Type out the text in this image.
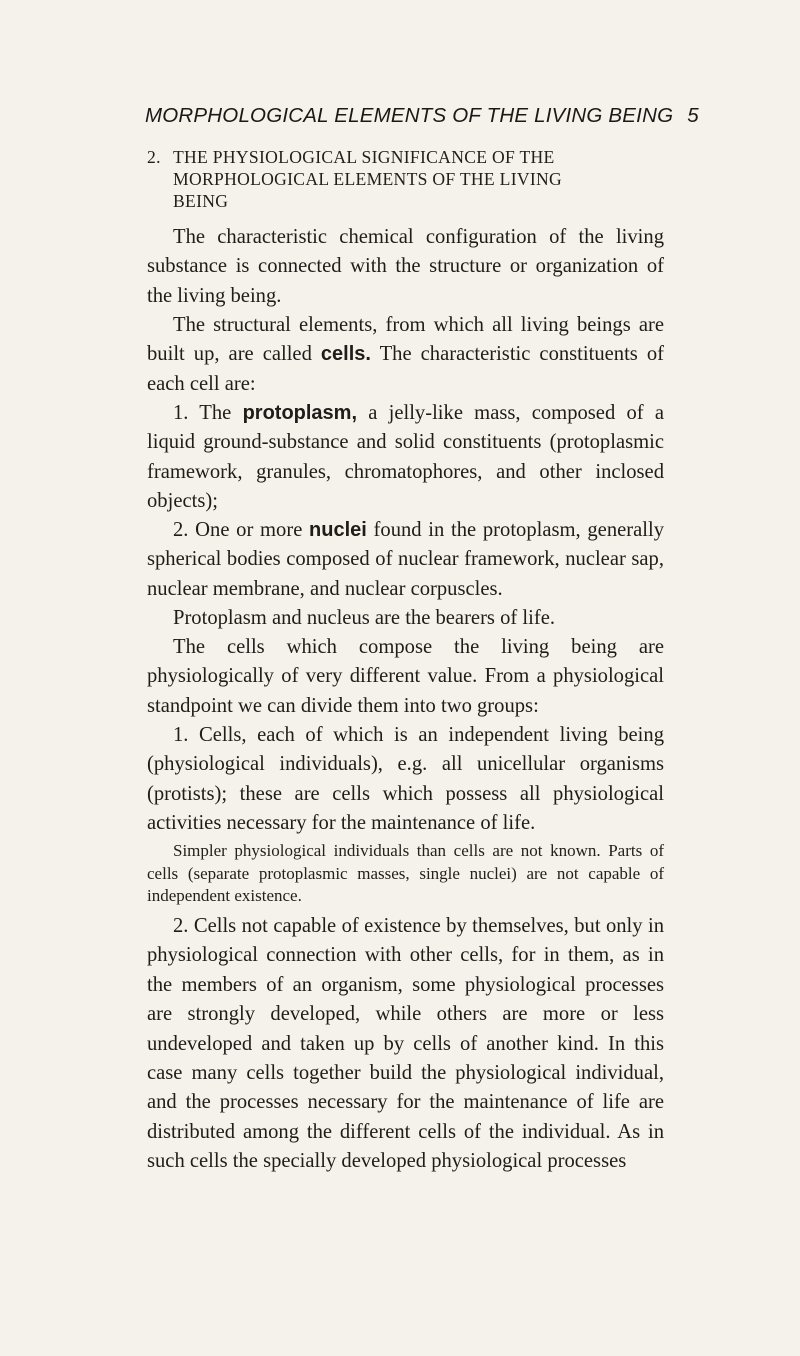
MORPHOLOGICAL ELEMENTS OF THE LIVING BEING 5
2. THE PHYSIOLOGICAL SIGNIFICANCE OF THE
MORPHOLOGICAL ELEMENTS OF THE LIVING
BEING

The characteristic chemical configuration of the living substance is connected with the structure or organization of the living being.

The structural elements, from which all living beings are built up, are called cells. The characteristic constituents of each cell are:

1. The protoplasm, a jelly-like mass, composed of a liquid ground-substance and solid constituents (protoplasmic framework, granules, chromatophores, and other inclosed objects);

2. One or more nuclei found in the protoplasm, generally spherical bodies composed of nuclear framework, nuclear sap, nuclear membrane, and nuclear corpuscles.

Protoplasm and nucleus are the bearers of life.

The cells which compose the living being are physiologically of very different value. From a physiological standpoint we can divide them into two groups:

1. Cells, each of which is an independent living being (physiological individuals), e.g. all unicellular organisms (protists); these are cells which possess all physiological activities necessary for the maintenance of life.

Simpler physiological individuals than cells are not known. Parts of cells (separate protoplasmic masses, single nuclei) are not capable of independent existence.

2. Cells not capable of existence by themselves, but only in physiological connection with other cells, for in them, as in the members of an organism, some physiological processes are strongly developed, while others are more or less undeveloped and taken up by cells of another kind. In this case many cells together build the physiological individual, and the processes necessary for the maintenance of life are distributed among the different cells of the individual. As in such cells the specially developed physiological processes
